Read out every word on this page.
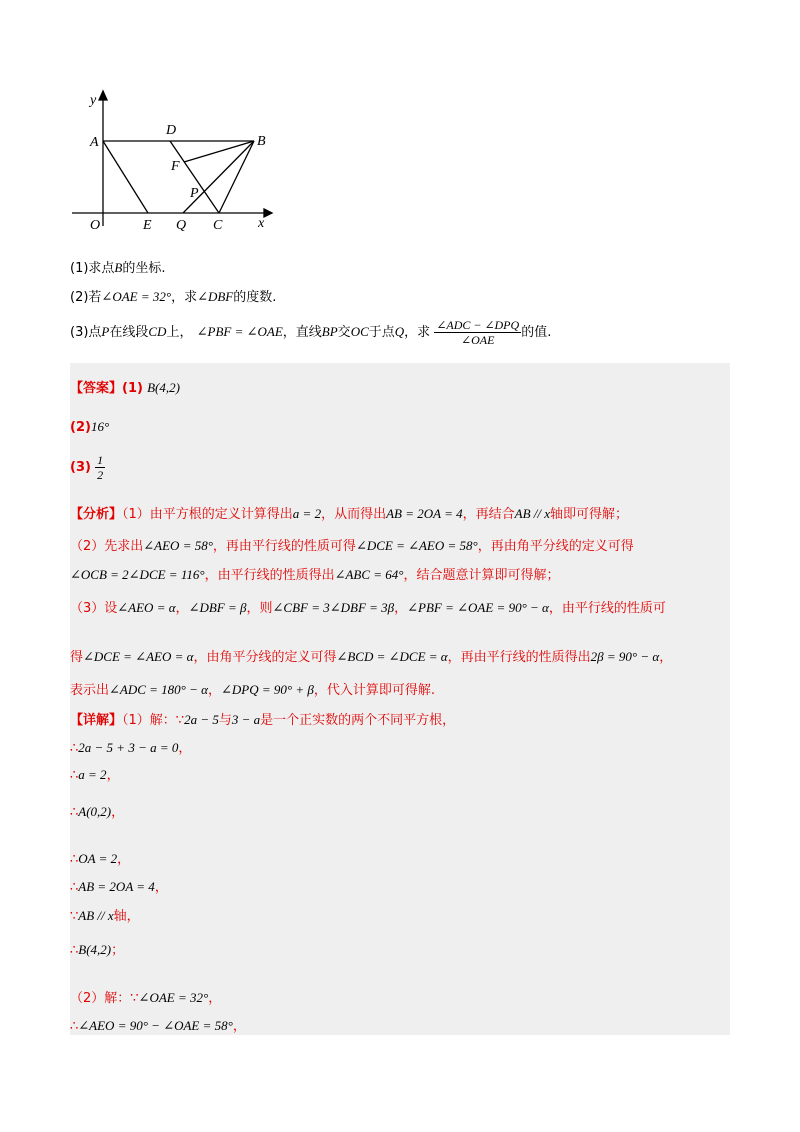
y
x
A
D
B
F
P
O	E Q C
(1)求点B的坐标.
(2)若∠OAE = 32°，求∠DBF的度数.
(3)点P在线段CD上， ∠PBF = ∠OAE，直线BP交OC于点Q，求 $\frac{\text{∠ADC − ∠DPQ}}{\text{∠OAE}}$ 的值.
【答案】(1) B(4,2)
(2)16°
$(3) \frac{1}{2}$
【分析】（1）由平方根的定义计算得出a = 2，从而得出AB = 2OA = 4，再结合AB // x轴即可得解；
（2）先求出∠AEO = 58°，再由平行线的性质可得∠DCE = ∠AEO = 58°，再由角平分线的定义可得
∠OCB = 2∠DCE = 116°，由平行线的性质得出∠ABC = 64°，结合题意计算即可得解；
（3）设∠AEO = α，∠DBF = β，则∠CBF = 3∠DBF = 3β，∠PBF = ∠OAE = 90° − α，由平行线的性质可
得∠DCE = ∠AEO = α，由角平分线的定义可得∠BCD = ∠DCE = α，再由平行线的性质得出2β = 90° − α，
表示出∠ADC = 180° − α，∠DPQ = 90° + β，代入计算即可得解.
【详解】（1）解：∵2a − 5与3 − a是一个正实数的两个不同平方根，
∴2a − 5 + 3 − a = 0，
∴a = 2，
∴A(0,2)，
∴OA = 2，
∴AB = 2OA = 4，
∵AB // x轴，
∴B(4,2)；
（2）解：∵∠OAE = 32°，
∴∠AEO = 90° − ∠OAE = 58°，
